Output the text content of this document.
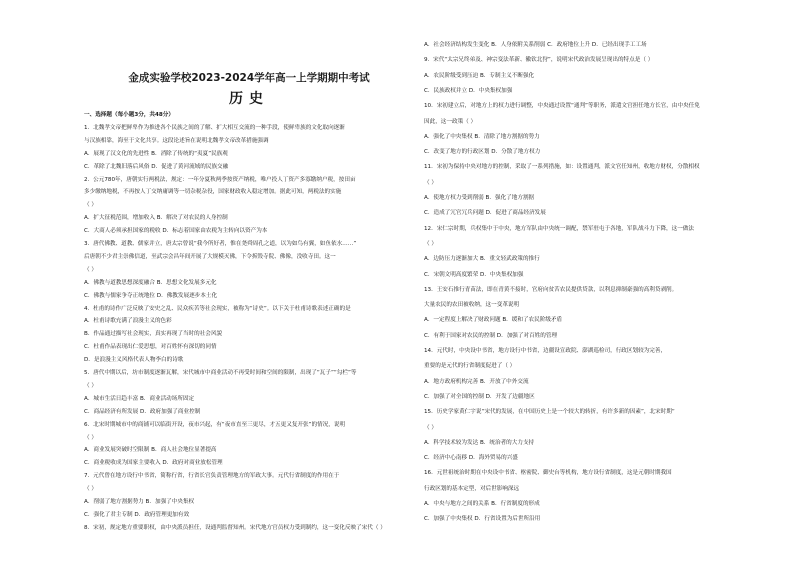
金成实验学校2023-2024学年高一上学期期中考试
历史
一、选择题（每小题3分，共48分）
1．北魏孝文帝把鲜卑作为推进各个民族之间的了解、扩大相互交流的一种手段，使鲜卑族的文化取向逐渐
与汉族相靠，海至于文化共享。这段论述旨在说明北魏孝文帝改革措施强调
A．展现了汉文化的先进性 B．消除了传统的“夷夏”民族观
C．革除了北魏旧落后风俗 D．促进了黄河流域的民族交融
2．公元780年，唐朝实行两税法，规定：一年分夏秋两季按资产纳税，唯户投人丁资产多寡缴纳户税，按田亩
多少缴纳地税，不再按人丁交纳庸调等一切杂税杂役，国家财政收入稳定增加。据此可知，两税法的实施
（ ）
A．扩大征税范围，增加收入 B．解决了对农民的人身控制
C．大商人必须承担国家的税收 D．标志着国家由农税为主转向以资产为本
3．唐代佛教、道教、儒家并立，唐太宗曾说“我今所好者，惟在尧舜周孔之道，以为如鸟有翼，如鱼依水……”
后唐朝不少君主崇佛信道，至武宗会昌年间开展了大规模灭佛，下令拆毁寺院、佛像，没收寺田。这一
（ ）
A．佛教与道教思想深度融合 B．思想文化发展多元化
C．佛教与儒家争夺正统地位 D．佛教发展逐步本土化
4．杜甫的诗作广泛反映了安史之乱、民众疾苦等社会现实，被称为“诗史”。以下关于杜甫诗歌表述正确的是
A．杜甫诗歌充满了浪漫主义的色彩
B．作品通过描写社会现实，真实再现了当时的社会风貌
C．杜甫作品表现出仁爱思想，对百姓怀有深切的同情
D．是浪漫主义风格代表人物李白的诗歌
5．唐代中期以后，坊市制度逐渐瓦解，宋代城市中商业活动不再受时间和空间的限制，出现了“瓦子”“勾栏”等
（ ）
A．城市生活日趋丰富 B．商业活动场所固定
C．商品经济有所发展 D．政府加强了商业控制
6．北宋时期城市中的商铺可以临街开设，夜市兴起，有“夜市直至三更尽，才五更又复开张”的情况，说明
（ ）
A．商业发展突破时空限制 B．商人社会地位显著提高
C．商业税收成为国家主要收入 D．政府对商业放松管理
7．元代曾在地方设行中书省，简称行省，行省长官负责管理地方的军政大事。元代行省制度的作用在于
（ ）
A．削弱了地方割据势力 B．加强了中央集权
C．强化了君主专制 D．政府管理更加有效
8．宋初，规定地方重要职权，由中央派员担任，设通判监督知州。宋代地方官员权力受到制约，这一变化反映了宋代（ ）
A．社会经济结构发生变化 B．人身依附关系削弱 C．政府地位上升 D．已经出现手工工场
9．宋代“太宗兄终弟及、神宗变法革新、徽钦北狩”，说明宋代政治发展呈现出的特点是（ ）
A．农民阶级受到压迫 B．专制主义不断强化
C．民族政权并立 D．中央集权加强
10．宋初建立后，对地方上的权力进行调整，中央通过设置“通判”等职务，派遣文官担任地方长官，由中央任免
因此，这一政策（ ）
A．强化了中央集权 B．清除了地方割据的势力
C．改变了地方的行政区划 D．分散了地方权力
11．宋初为保持中央对地方的控制，采取了一系列措施，如：设置通判，派文官任知州，收地方财权，分散相权
（ ）
A．使地方权力受到削弱 B．强化了地方割据
C．造成了冗官冗兵问题 D．促进了商品经济发展
12．宋仁宗时期，兵权集中于中央，地方军队由中央统一调配，禁军驻屯于各地，军队战斗力下降，这一做法
（ ）
A．边防压力逐渐加大 B．重文轻武政策的推行
C．宋朝文明高度繁荣 D．中央集权加强
13．王安石推行青苗法，即在青黄不接时，官府向贫苦农民提供贷款，以利息抑制豪强的高利贷剥削。
大量农民的农田被收纳，这一变革说明
A．一定程度上解决了财政问题 B．缓和了农民阶级矛盾
C．有利于国家对农民的控制 D．加强了对百姓的管理
14．元代时，中央设中书省，地方设行中书省，边疆设宣政院、澎湖巡检司，行政区划较为完善，
重要的是元代的行省制度促进了（ ）
A．地方政府机构完善 B．开放了中外交流
C．加强了对全国的控制 D．开发了边疆地区
15．历史学家黄仁宇说“宋代的发展，在中国历史上是一个较大的转折，有许多新的因素”，北宋时期“
（ ）
A．科学技术较为发达 B．统治者的大力支持
C．经济中心南移 D．海外贸易的兴盛
16．元世祖统治时期在中央设中书省、枢密院、御史台等机构，地方设行省制度，这是元朝时期我国
行政区划的基本定型，对后世影响深远
A．中央与地方之间的关系 B．行省制度的形成
C．加强了中央集权 D．行省设置为后世所沿用
